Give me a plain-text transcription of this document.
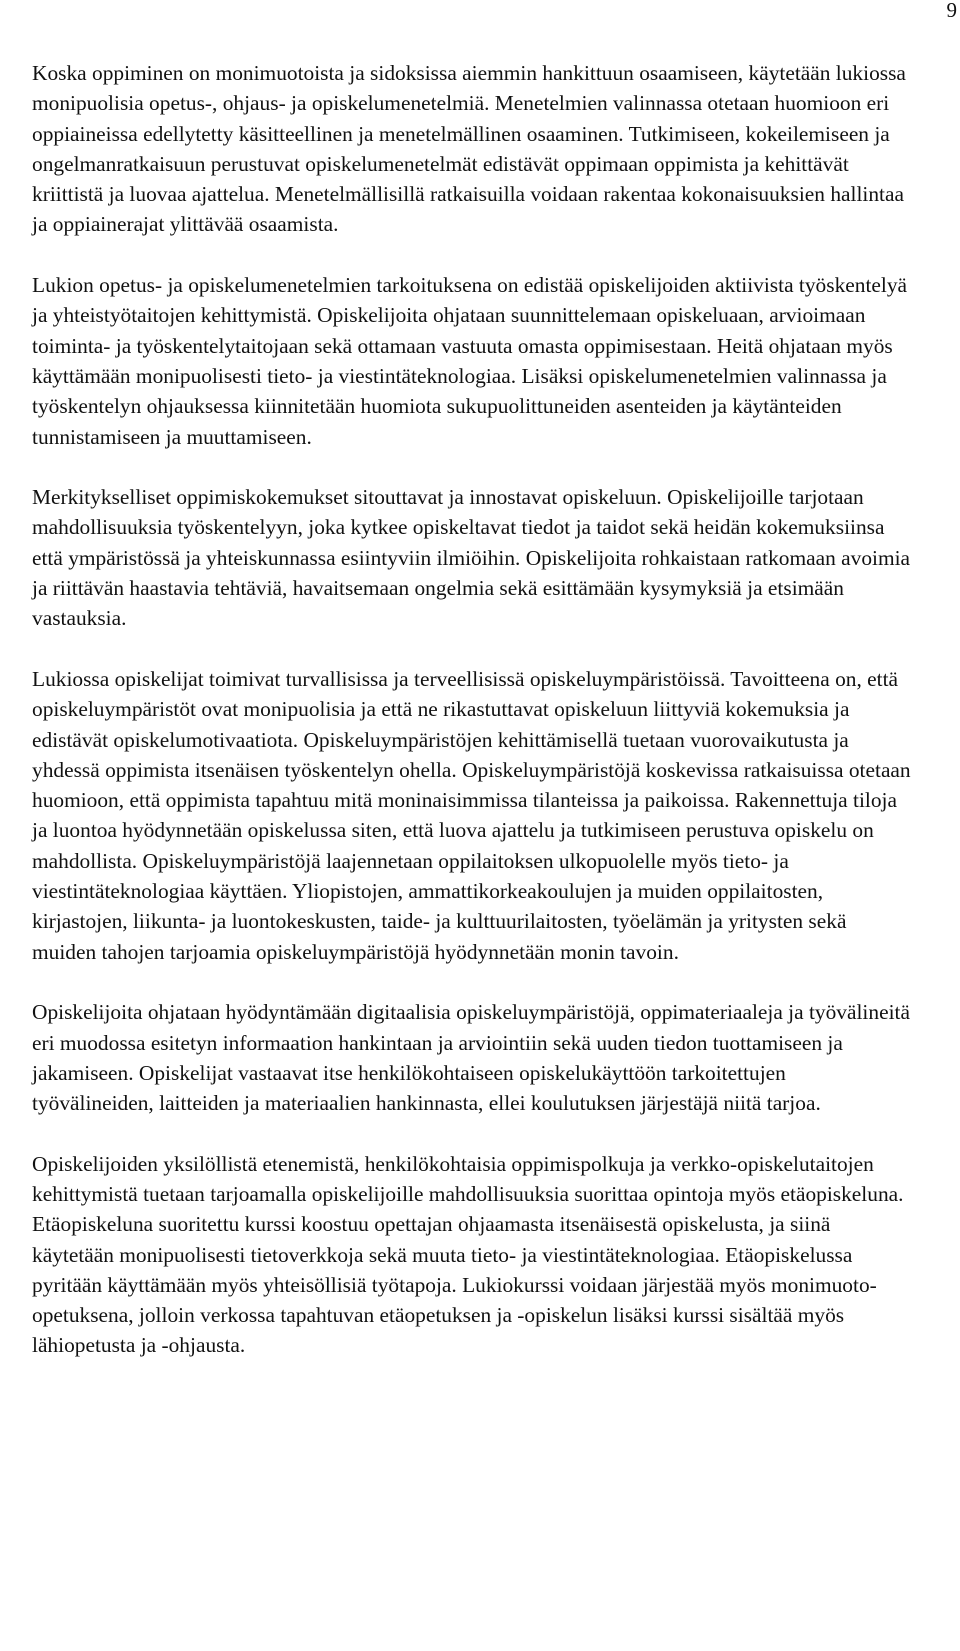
9

Koska oppiminen on monimuotoista ja sidoksissa aiemmin hankittuun osaamiseen, käytetään lukiossa monipuolisia opetus-, ohjaus- ja opiskelumenetelmiä. Menetelmien valinnassa otetaan huomioon eri oppiaineissa edellytetty käsitteellinen ja menetelmällinen osaaminen. Tutkimiseen, kokeilemiseen ja ongelmanratkaisuun perustuvat opiskelumenetelmät edistävät oppimaan oppimista ja kehittävät kriittistä ja luovaa ajattelua. Menetelmällisillä ratkaisuilla voidaan rakentaa kokonaisuuksien hallintaa ja oppiainerajat ylittävää osaamista.

Lukion opetus- ja opiskelumenetelmien tarkoituksena on edistää opiskelijoiden aktiivista työskentelyä ja yhteistyötaitojen kehittymistä. Opiskelijoita ohjataan suunnittelemaan opiskeluaan, arvioimaan toiminta- ja työskentelytaitojaan sekä ottamaan vastuuta omasta oppimisestaan. Heitä ohjataan myös käyttämään monipuolisesti tieto- ja viestintäteknologiaa. Lisäksi opiskelumenetelmien valinnassa ja työskentelyn ohjauksessa kiinnitetään huomiota sukupuolittuneiden asenteiden ja käytänteiden tunnistamiseen ja muuttamiseen.

Merkitykselliset oppimiskokemukset sitouttavat ja innostavat opiskeluun. Opiskelijoille tarjotaan mahdollisuuksia työskentelyyn, joka kytkee opiskeltavat tiedot ja taidot sekä heidän kokemuksiinsa että ympäristössä ja yhteiskunnassa esiintyviin ilmiöihin. Opiskelijoita rohkaistaan ratkomaan avoimia ja riittävän haastavia tehtäviä, havaitsemaan ongelmia sekä esittämään kysymyksiä ja etsimään vastauksia.

Lukiossa opiskelijat toimivat turvallisissa ja terveellisissä opiskeluympäristöissä. Tavoitteena on, että opiskeluympäristöt ovat monipuolisia ja että ne rikastuttavat opiskeluun liittyviä kokemuksia ja edistävät opiskelumotivaatiota. Opiskeluympäristöjen kehittämisellä tuetaan vuorovaikutusta ja yhdessä oppimista itsenäisen työskentelyn ohella. Opiskeluympäristöjä koskevissa ratkaisuissa otetaan huomioon, että oppimista tapahtuu mitä moninaisimmissa tilanteissa ja paikoissa. Rakennettuja tiloja ja luontoa hyödynnetään opiskelussa siten, että luova ajattelu ja tutkimiseen perustuva opiskelu on mahdollista. Opiskeluympäristöjä laajennetaan oppilaitoksen ulkopuolelle myös tieto- ja viestintäteknologiaa käyttäen. Yliopistojen, ammattikorkeakoulujen ja muiden oppilaitosten, kirjastojen, liikunta- ja luontokeskusten, taide- ja kulttuurilaitosten, työelämän ja yritysten sekä muiden tahojen tarjoamia opiskeluympäristöjä hyödynnetään monin tavoin.

Opiskelijoita ohjataan hyödyntämään digitaalisia opiskeluympäristöjä, oppimateriaaleja ja työvälineitä eri muodossa esitetyn informaation hankintaan ja arviointiin sekä uuden tiedon tuottamiseen ja jakamiseen. Opiskelijat vastaavat itse henkilökohtaiseen opiskelukäyttöön tarkoitettujen työvälineiden, laitteiden ja materiaalien hankinnasta, ellei koulutuksen järjestäjä niitä tarjoa.

Opiskelijoiden yksilöllistä etenemistä, henkilökohtaisia oppimispolkuja ja verkko-opiskelutaitojen kehittymistä tuetaan tarjoamalla opiskelijoille mahdollisuuksia suorittaa opintoja myös etäopiskeluna. Etäopiskeluna suoritettu kurssi koostuu opettajan ohjaamasta itsenäisestä opiskelusta, ja siinä käytetään monipuolisesti tietoverkkoja sekä muuta tieto- ja viestintäteknologiaa. Etäopiskelussa pyritään käyttämään myös yhteisöllisiä työtapoja. Lukiokurssi voidaan järjestää myös monimuoto-opetuksena, jolloin verkossa tapahtuvan etäopetuksen ja -opiskelun lisäksi kurssi sisältää myös lähiopetusta ja -ohjausta.
